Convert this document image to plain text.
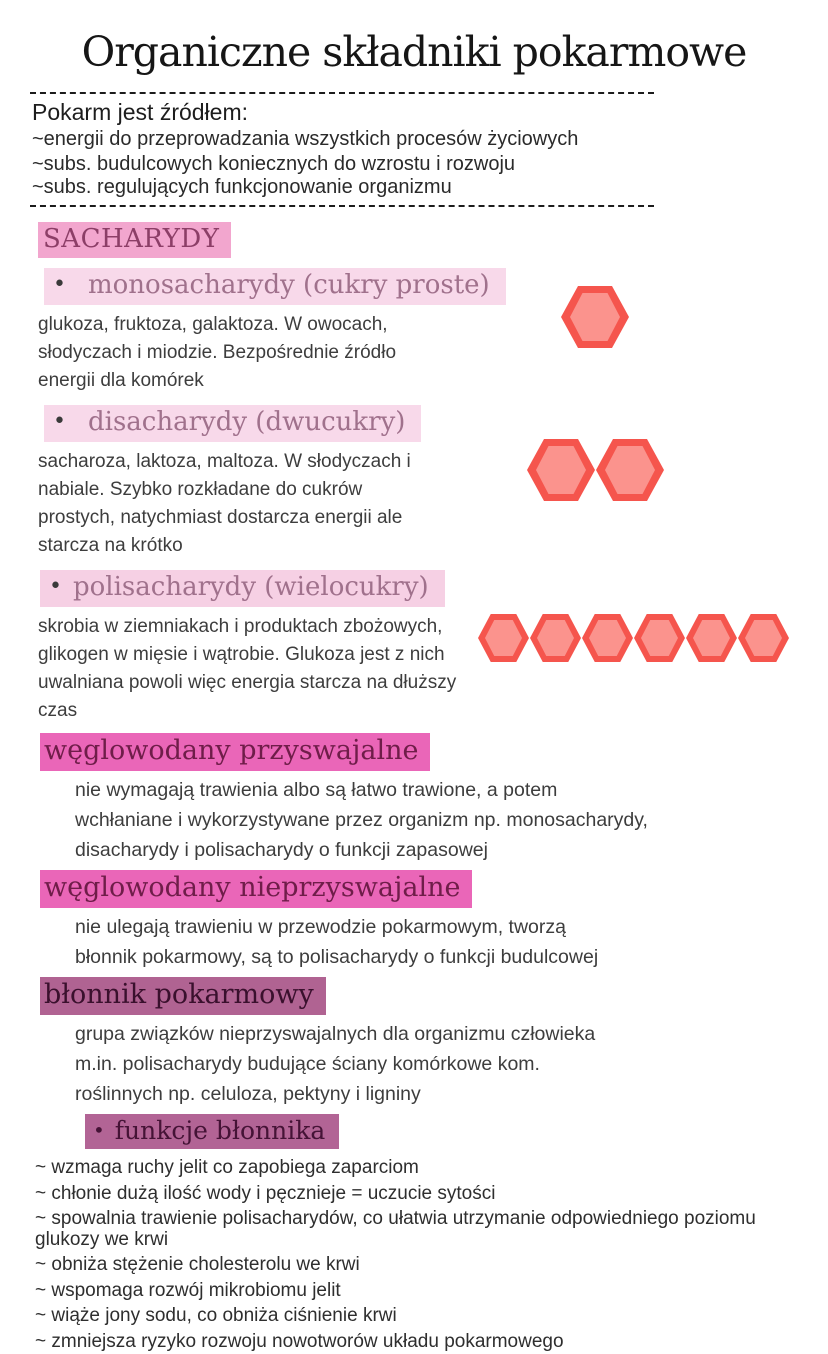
Organiczne składniki pokarmowe
Pokarm jest źródłem:
~energii do przeprowadzania wszystkich procesów życiowych
~subs. budulcowych koniecznych do wzrostu i rozwoju
~subs. regulujących funkcjonowanie organizmu
SACHARYDY
• monosacharydy (cukry proste)
glukoza, fruktoza, galaktoza. W owocach,
słodyczach i miodzie. Bezpośrednie źródło
energii dla komórek
• disacharydy (dwucukry)
sacharoza, laktoza, maltoza. W słodyczach i
nabiale. Szybko rozkładane do cukrów
prostych, natychmiast dostarcza energii ale
starcza na krótko
• polisacharydy (wielocukry)
skrobia w ziemniakach i produktach zbożowych,
glikogen w mięsie i wątrobie. Glukoza jest z nich
uwalniana powoli więc energia starcza na dłuższy
czas
węglowodany przyswajalne
nie wymagają trawienia albo są łatwo trawione, a potem
wchłaniane i wykorzystywane przez organizm np. monosacharydy,
disacharydy i polisacharydy o funkcji zapasowej
węglowodany nieprzyswajalne
nie ulegają trawieniu w przewodzie pokarmowym, tworzą
błonnik pokarmowy, są to polisacharydy o funkcji budulcowej
błonnik pokarmowy
grupa związków nieprzyswajalnych dla organizmu człowieka
m.in. polisacharydy budujące ściany komórkowe kom.
roślinnych np. celuloza, pektyny i ligniny
• funkcje błonnika
~ wzmaga ruchy jelit co zapobiega zaparciom
~ chłonie dużą ilość wody i pęcznieje = uczucie sytości
~ spowalnia trawienie polisacharydów, co ułatwia utrzymanie odpowiedniego poziomu
glukozy we krwi
~ obniża stężenie cholesterolu we krwi
~ wspomaga rozwój mikrobiomu jelit
~ wiąże jony sodu, co obniża ciśnienie krwi
~ zmniejsza ryzyko rozwoju nowotworów układu pokarmowego
